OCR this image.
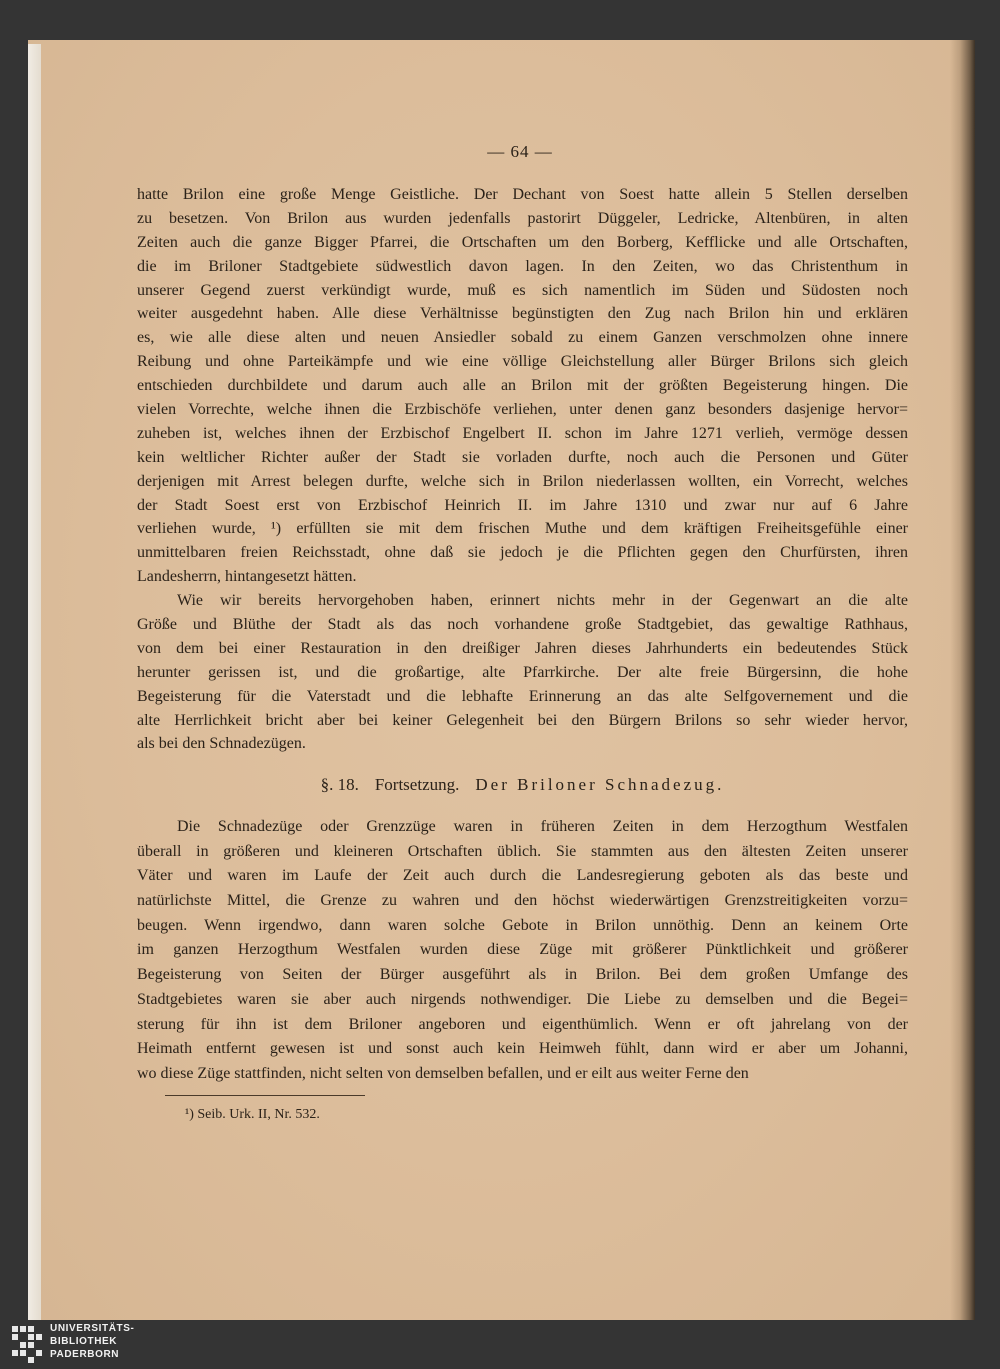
— 64 —
hatte Brilon eine große Menge Geistliche. Der Dechant von Soest hatte allein 5 Stellen derselben
zu besetzen. Von Brilon aus wurden jedenfalls pastorirt Düggeler, Ledricke, Altenbüren, in alten
Zeiten auch die ganze Bigger Pfarrei, die Ortschaften um den Borberg, Kefflicke und alle Ortschaften,
die im Briloner Stadtgebiete südwestlich davon lagen. In den Zeiten, wo das Christenthum in
unserer Gegend zuerst verkündigt wurde, muß es sich namentlich im Süden und Südosten noch
weiter ausgedehnt haben. Alle diese Verhältnisse begünstigten den Zug nach Brilon hin und erklären
es, wie alle diese alten und neuen Ansiedler sobald zu einem Ganzen verschmolzen ohne innere
Reibung und ohne Parteikämpfe und wie eine völlige Gleichstellung aller Bürger Brilons sich gleich
entschieden durchbildete und darum auch alle an Brilon mit der größten Begeisterung hingen. Die
vielen Vorrechte, welche ihnen die Erzbischöfe verliehen, unter denen ganz besonders dasjenige hervor=
zuheben ist, welches ihnen der Erzbischof Engelbert II. schon im Jahre 1271 verlieh, vermöge dessen
kein weltlicher Richter außer der Stadt sie vorladen durfte, noch auch die Personen und Güter
derjenigen mit Arrest belegen durfte, welche sich in Brilon niederlassen wollten, ein Vorrecht, welches
der Stadt Soest erst von Erzbischof Heinrich II. im Jahre 1310 und zwar nur auf 6 Jahre
verliehen wurde, ¹) erfüllten sie mit dem frischen Muthe und dem kräftigen Freiheitsgefühle einer
unmittelbaren freien Reichsstadt, ohne daß sie jedoch je die Pflichten gegen den Churfürsten, ihren
Landesherrn, hintangesetzt hätten.
Wie wir bereits hervorgehoben haben, erinnert nichts mehr in der Gegenwart an die alte
Größe und Blüthe der Stadt als das noch vorhandene große Stadtgebiet, das gewaltige Rathhaus,
von dem bei einer Restauration in den dreißiger Jahren dieses Jahrhunderts ein bedeutendes Stück
herunter gerissen ist, und die großartige, alte Pfarrkirche. Der alte freie Bürgersinn, die hohe
Begeisterung für die Vaterstadt und die lebhafte Erinnerung an das alte Selfgovernement und die
alte Herrlichkeit bricht aber bei keiner Gelegenheit bei den Bürgern Brilons so sehr wieder hervor,
als bei den Schnadezügen.
§. 18. Fortsetzung. Der Briloner Schnadezug.
Die Schnadezüge oder Grenzzüge waren in früheren Zeiten in dem Herzogthum Westfalen
überall in größeren und kleineren Ortschaften üblich. Sie stammten aus den ältesten Zeiten unserer
Väter und waren im Laufe der Zeit auch durch die Landesregierung geboten als das beste und
natürlichste Mittel, die Grenze zu wahren und den höchst wiederwärtigen Grenzstreitigkeiten vorzu=
beugen. Wenn irgendwo, dann waren solche Gebote in Brilon unnöthig. Denn an keinem Orte
im ganzen Herzogthum Westfalen wurden diese Züge mit größerer Pünktlichkeit und größerer
Begeisterung von Seiten der Bürger ausgeführt als in Brilon. Bei dem großen Umfange des
Stadtgebietes waren sie aber auch nirgends nothwendiger. Die Liebe zu demselben und die Begei=
sterung für ihn ist dem Briloner angeboren und eigenthümlich. Wenn er oft jahrelang von der
Heimath entfernt gewesen ist und sonst auch kein Heimweh fühlt, dann wird er aber um Johanni,
wo diese Züge stattfinden, nicht selten von demselben befallen, und er eilt aus weiter Ferne den
¹) Seib. Urk. II, Nr. 532.
UNIVERSITÄTS-
BIBLIOTHEK
PADERBORN
